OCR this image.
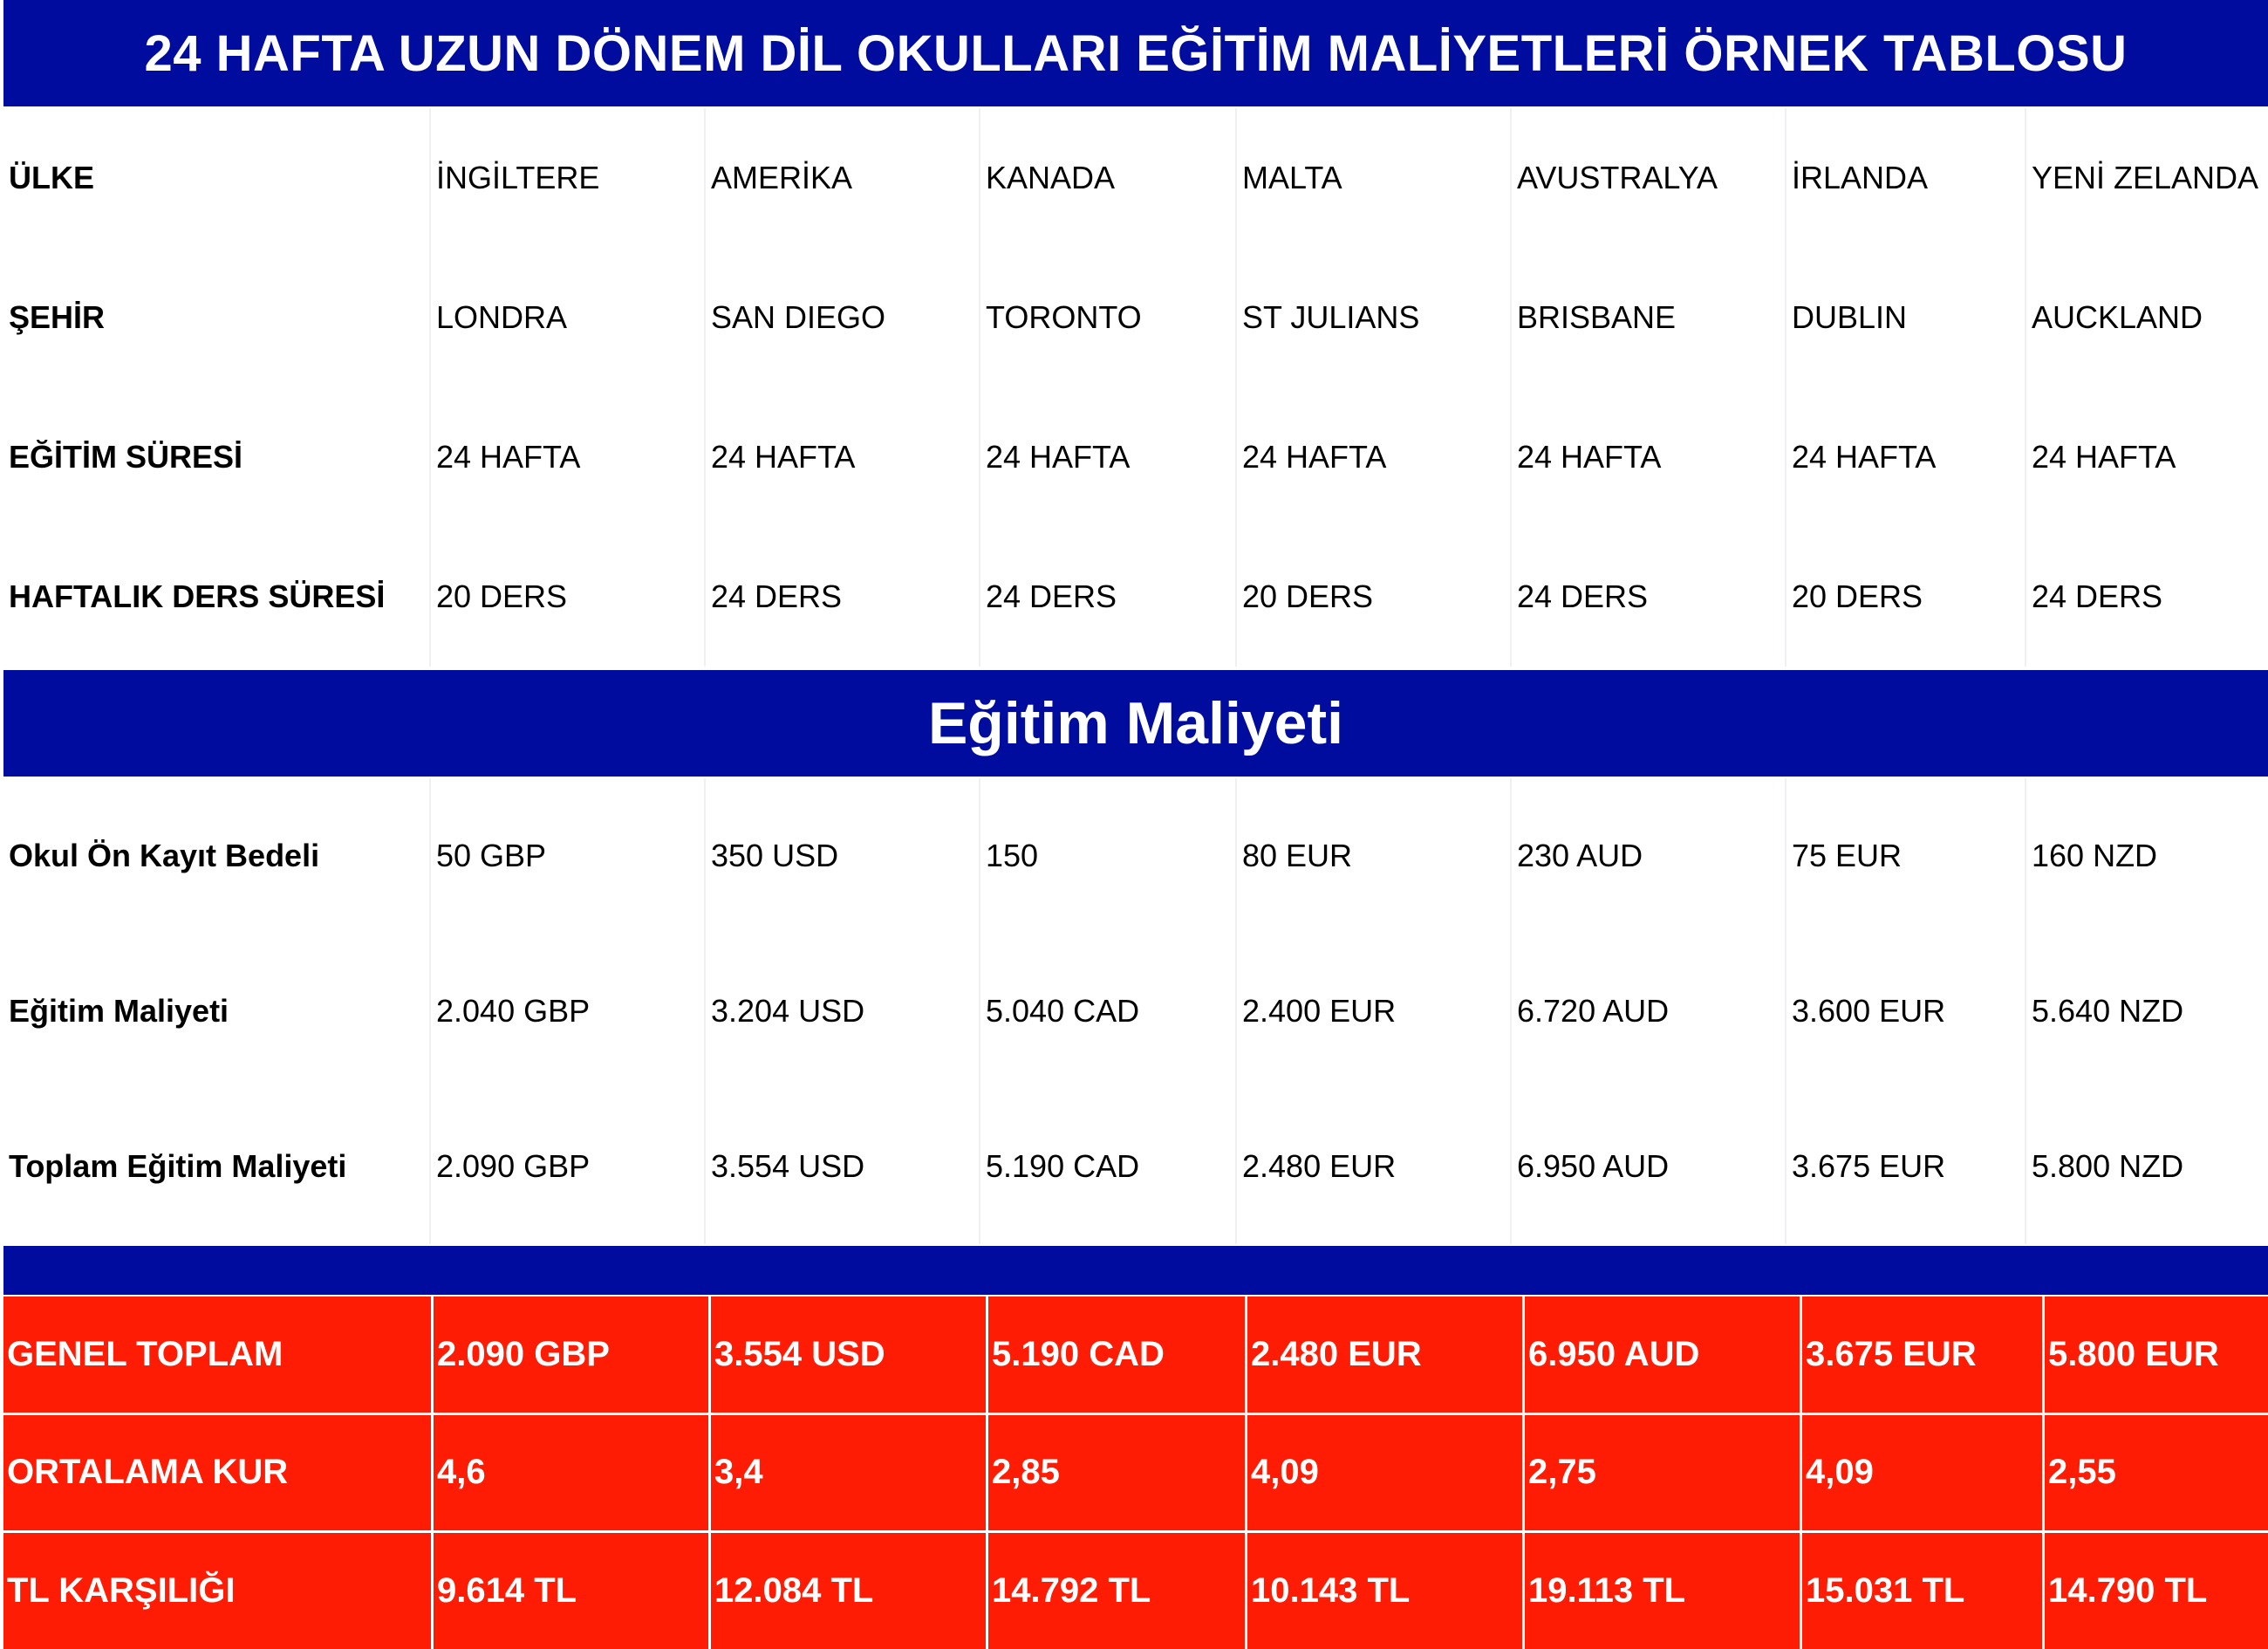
24 HAFTA UZUN DÖNEM DİL OKULLARI EĞİTİM MALİYETLERİ ÖRNEK TABLOSU
ÜLKE	İNGİLTERE	AMERİKA	KANADA	MALTA	AVUSTRALYA	İRLANDA	YENİ ZELANDA
ŞEHİR	LONDRA	SAN DIEGO	TORONTO	ST JULIANS	BRISBANE	DUBLIN	AUCKLAND
EĞİTİM SÜRESİ	24 HAFTA	24 HAFTA	24 HAFTA	24 HAFTA	24 HAFTA	24 HAFTA	24 HAFTA
HAFTALIK DERS SÜRESİ	20 DERS	24 DERS	24 DERS	20 DERS	24 DERS	20 DERS	24 DERS
Eğitim Maliyeti
Okul Ön Kayıt Bedeli	50 GBP	350 USD	150	80 EUR	230 AUD	75 EUR	160 NZD
Eğitim Maliyeti	2.040 GBP	3.204 USD	5.040 CAD	2.400 EUR	6.720 AUD	3.600 EUR	5.640 NZD
Toplam Eğitim Maliyeti	2.090 GBP	3.554 USD	5.190 CAD	2.480 EUR	6.950 AUD	3.675 EUR	5.800 NZD
GENEL TOPLAM	2.090 GBP	3.554 USD	5.190 CAD	2.480 EUR	6.950 AUD	3.675 EUR	5.800 EUR
ORTALAMA KUR	4,6	3,4	2,85	4,09	2,75	4,09	2,55
TL KARŞILIĞI	9.614 TL	12.084 TL	14.792 TL	10.143 TL	19.113 TL	15.031 TL	14.790 TL
